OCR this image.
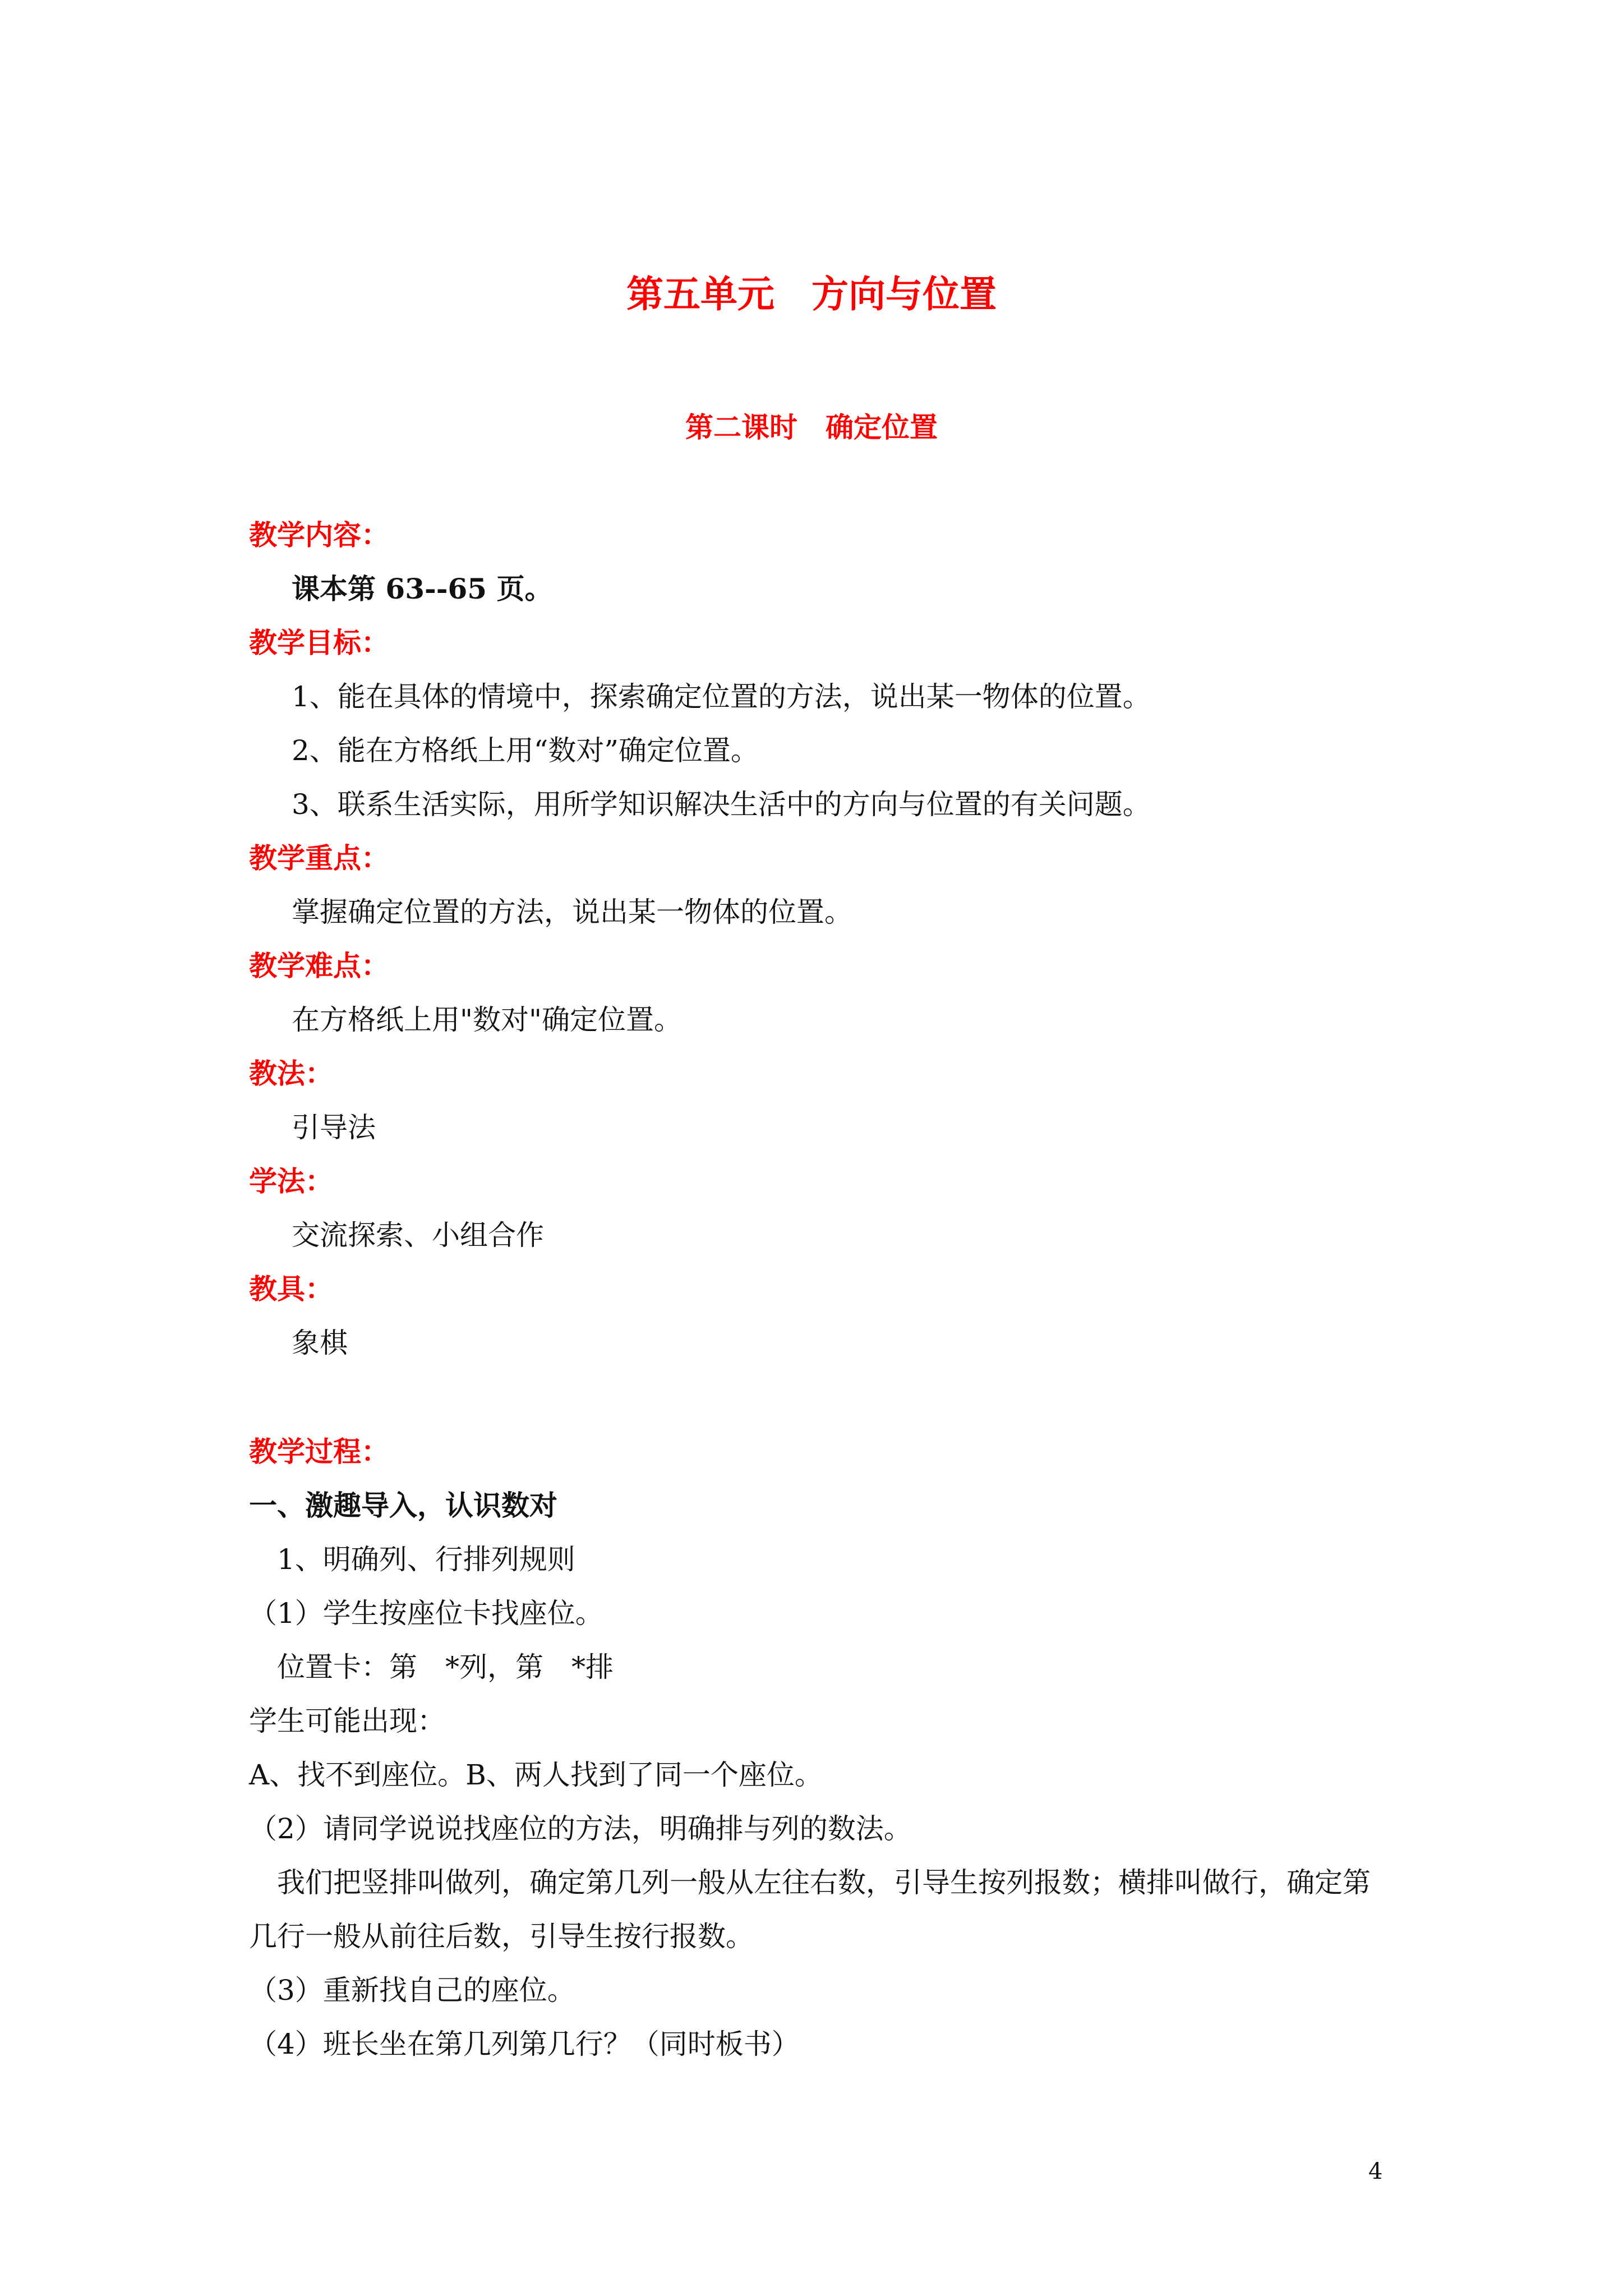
第五单元　方向与位置
第二课时　确定位置
教学内容：
课本第 63--65 页。
教学目标：
1、能在具体的情境中，探索确定位置的方法，说出某一物体的位置。
2、能在方格纸上用“数对”确定位置。
3、联系生活实际，用所学知识解决生活中的方向与位置的有关问题。
教学重点：
掌握确定位置的方法，说出某一物体的位置。
教学难点：
在方格纸上用"数对"确定位置。
教法：
引导法
学法：
交流探索、小组合作
教具：
象棋
教学过程：
一、激趣导入，认识数对
1、明确列、行排列规则
（1）学生按座位卡找座位。
位置卡：第　*列，第　*排
学生可能出现：
A、找不到座位。B、两人找到了同一个座位。
（2）请同学说说找座位的方法，明确排与列的数法。
我们把竖排叫做列，确定第几列一般从左往右数，引导生按列报数；横排叫做行，确定第
几行一般从前往后数，引导生按行报数。
（3）重新找自己的座位。
（4）班长坐在第几列第几行？（同时板书）
4
